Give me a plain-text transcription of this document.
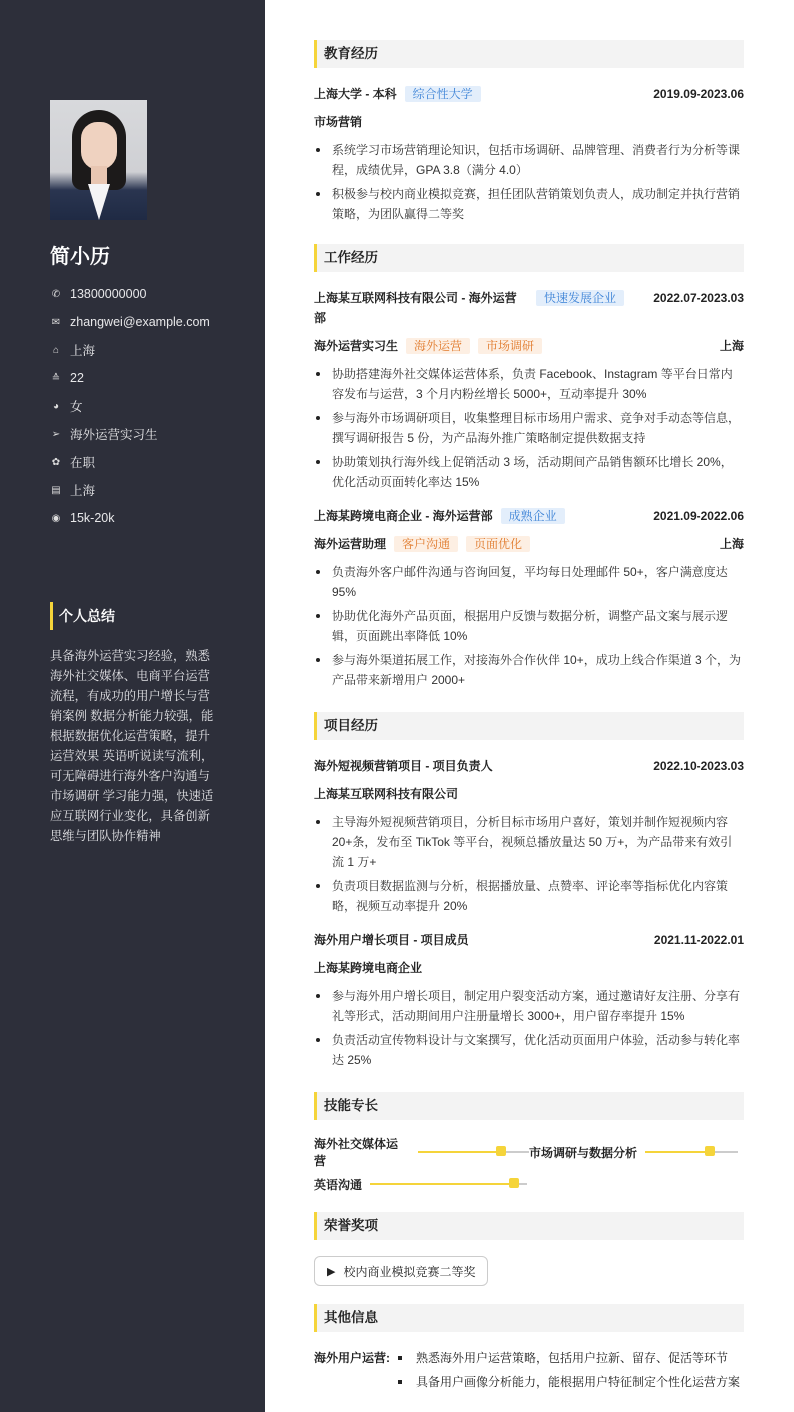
简小历
✆ 13800000000
✉ zhangwei@example.com
⌂ 上海
≙ 22
◕ 女
➢ 海外运营实习生
✿ 在职
▤ 上海
◉ 15k-20k
个人总结
具备海外运营实习经验，熟悉海外社交媒体、电商平台运营流程，有成功的用户增长与营销案例 数据分析能力较强，能根据数据优化运营策略，提升运营效果 英语听说读写流利，可无障碍进行海外客户沟通与市场调研 学习能力强，快速适应互联网行业变化，具备创新思维与团队协作精神
教育经历
上海大学 - 本科	综合性大学	2019.09-2023.06
市场营销
系统学习市场营销理论知识，包括市场调研、品牌管理、消费者行为分析等课程，成绩优异，GPA 3.8（满分 4.0）
积极参与校内商业模拟竞赛，担任团队营销策划负责人，成功制定并执行营销策略，为团队赢得二等奖
工作经历
上海某互联网科技有限公司 - 海外运营部
快速发展企业	2022.07-2023.03
海外运营实习生 海外运营 市场调研	上海
协助搭建海外社交媒体运营体系，负责 Facebook、Instagram 等平台日常内容发布与运营，3 个月内粉丝增长 5000+，互动率提升 30%
参与海外市场调研项目，收集整理目标市场用户需求、竞争对手动态等信息，撰写调研报告 5 份，为产品海外推广策略制定提供数据支持
协助策划执行海外线上促销活动 3 场，活动期间产品销售额环比增长 20%，优化活动页面转化率达 15%
上海某跨境电商企业 - 海外运营部	成熟企业	2021.09-2022.06
海外运营助理 客户沟通 页面优化	上海
负责海外客户邮件沟通与咨询回复，平均每日处理邮件 50+，客户满意度达 95%
协助优化海外产品页面，根据用户反馈与数据分析，调整产品文案与展示逻辑，页面跳出率降低 10%
参与海外渠道拓展工作，对接海外合作伙伴 10+，成功上线合作渠道 3 个，为产品带来新增用户 2000+
项目经历
海外短视频营销项目 - 项目负责人	2022.10-2023.03
上海某互联网科技有限公司
主导海外短视频营销项目，分析目标市场用户喜好，策划并制作短视频内容 20+条，发布至 TikTok 等平台，视频总播放量达 50 万+，为产品带来有效引流 1 万+
负责项目数据监测与分析，根据播放量、点赞率、评论率等指标优化内容策略，视频互动率提升 20%
海外用户增长项目 - 项目成员	2021.11-2022.01
上海某跨境电商企业
参与海外用户增长项目，制定用户裂变活动方案，通过邀请好友注册、分享有礼等形式，活动期间用户注册量增长 3000+，用户留存率提升 15%
负责活动宣传物料设计与文案撰写，优化活动页面用户体验，活动参与转化率达 25%
技能专长
海外社交媒体运营
市场调研与数据分析
英语沟通
荣誉奖项
▶ 校内商业模拟竞赛二等奖
其他信息
海外用户运营:	熟悉海外用户运营策略，包括用户拉新、留存、促活等环节
具备用户画像分析能力，能根据用户特征制定个性化运营方案
